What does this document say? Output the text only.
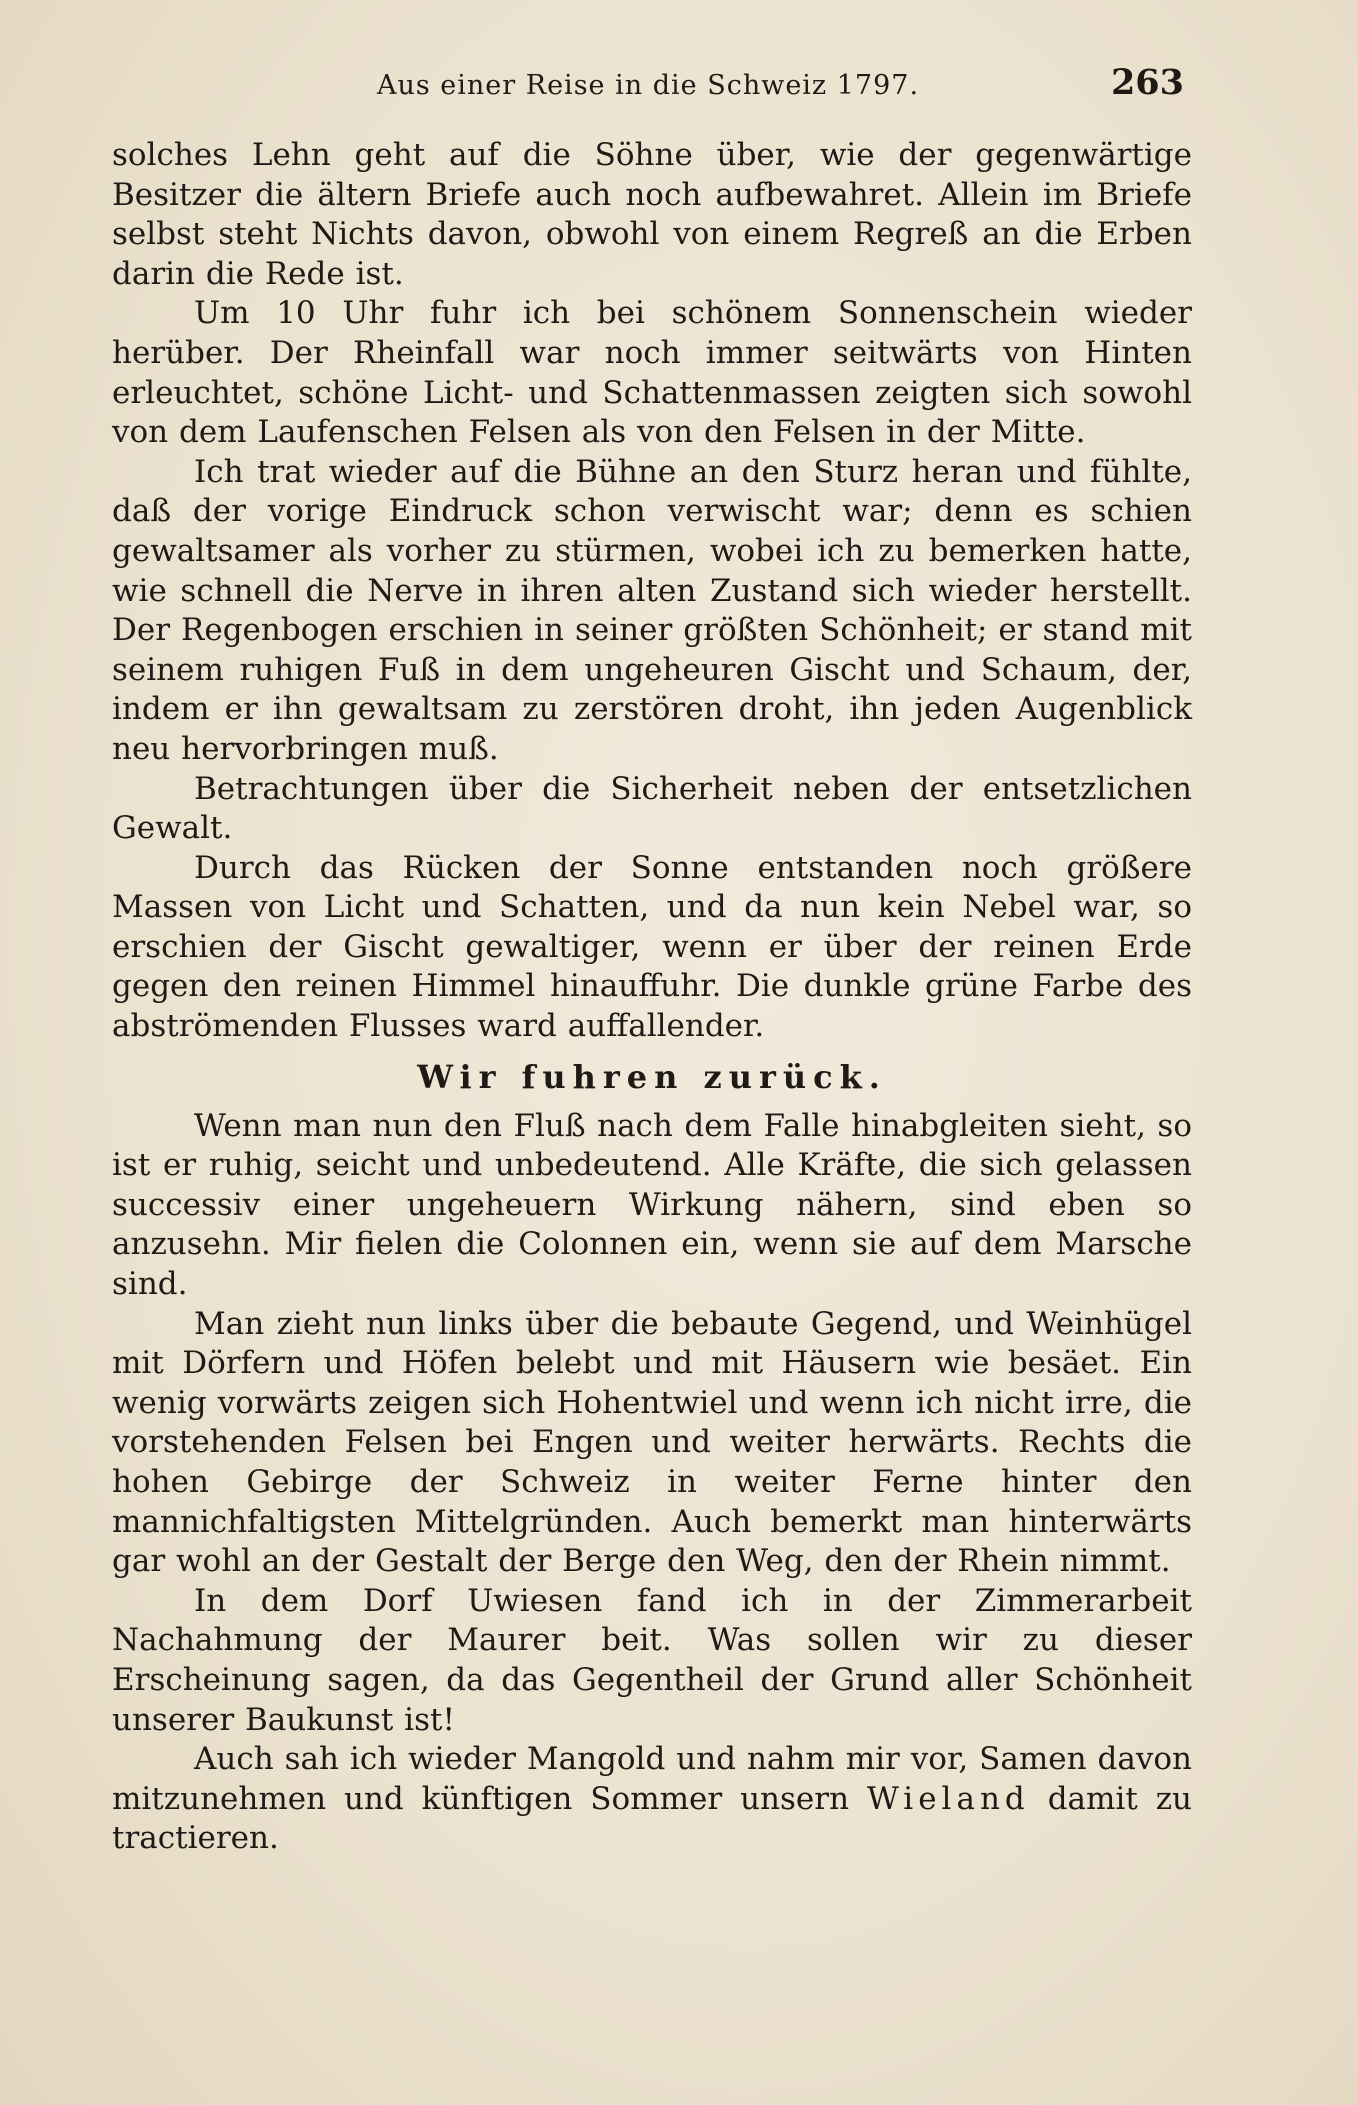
Aus einer Reise in die Schweiz 1797.	263

solches Lehn geht auf die Söhne über, wie der gegenwärtige Besitzer die ältern Briefe auch noch aufbewahret. Allein im Briefe selbst steht Nichts davon, obwohl von einem Regreß an die Erben darin die Rede ist.

Um 10 Uhr fuhr ich bei schönem Sonnenschein wieder herüber. Der Rheinfall war noch immer seitwärts von Hinten erleuchtet, schöne Licht- und Schattenmassen zeigten sich sowohl von dem Laufenschen Felsen als von den Felsen in der Mitte.

Ich trat wieder auf die Bühne an den Sturz heran und fühlte, daß der vorige Eindruck schon verwischt war; denn es schien gewaltsamer als vorher zu stürmen, wobei ich zu bemerken hatte, wie schnell die Nerve in ihren alten Zustand sich wieder herstellt. Der Regenbogen erschien in seiner größten Schönheit; er stand mit seinem ruhigen Fuß in dem ungeheuren Gischt und Schaum, der, indem er ihn gewaltsam zu zerstören droht, ihn jeden Augenblick neu hervorbringen muß.

Betrachtungen über die Sicherheit neben der entsetzlichen Gewalt.

Durch das Rücken der Sonne entstanden noch größere Massen von Licht und Schatten, und da nun kein Nebel war, so erschien der Gischt gewaltiger, wenn er über der reinen Erde gegen den reinen Himmel hinauffuhr. Die dunkle grüne Farbe des abströmenden Flusses ward auffallender.

Wir fuhren zurück.

Wenn man nun den Fluß nach dem Falle hinabgleiten sieht, so ist er ruhig, seicht und unbedeutend. Alle Kräfte, die sich gelassen successiv einer ungeheuern Wirkung nähern, sind eben so anzusehn. Mir fielen die Colonnen ein, wenn sie auf dem Marsche sind.

Man zieht nun links über die bebaute Gegend, und Weinhügel mit Dörfern und Höfen belebt und mit Häusern wie besäet. Ein wenig vorwärts zeigen sich Hohentwiel und wenn ich nicht irre, die vorstehenden Felsen bei Engen und weiter herwärts. Rechts die hohen Gebirge der Schweiz in weiter Ferne hinter den mannichfaltigsten Mittelgründen. Auch bemerkt man hinterwärts gar wohl an der Gestalt der Berge den Weg, den der Rhein nimmt.

In dem Dorf Uwiesen fand ich in der Zimmerarbeit Nachahmung der Maurer beit. Was sollen wir zu dieser Erscheinung sagen, da das Gegentheil der Grund aller Schönheit unserer Baukunst ist!

Auch sah ich wieder Mangold und nahm mir vor, Samen davon mitzunehmen und künftigen Sommer unsern Wieland damit zu tractieren.
